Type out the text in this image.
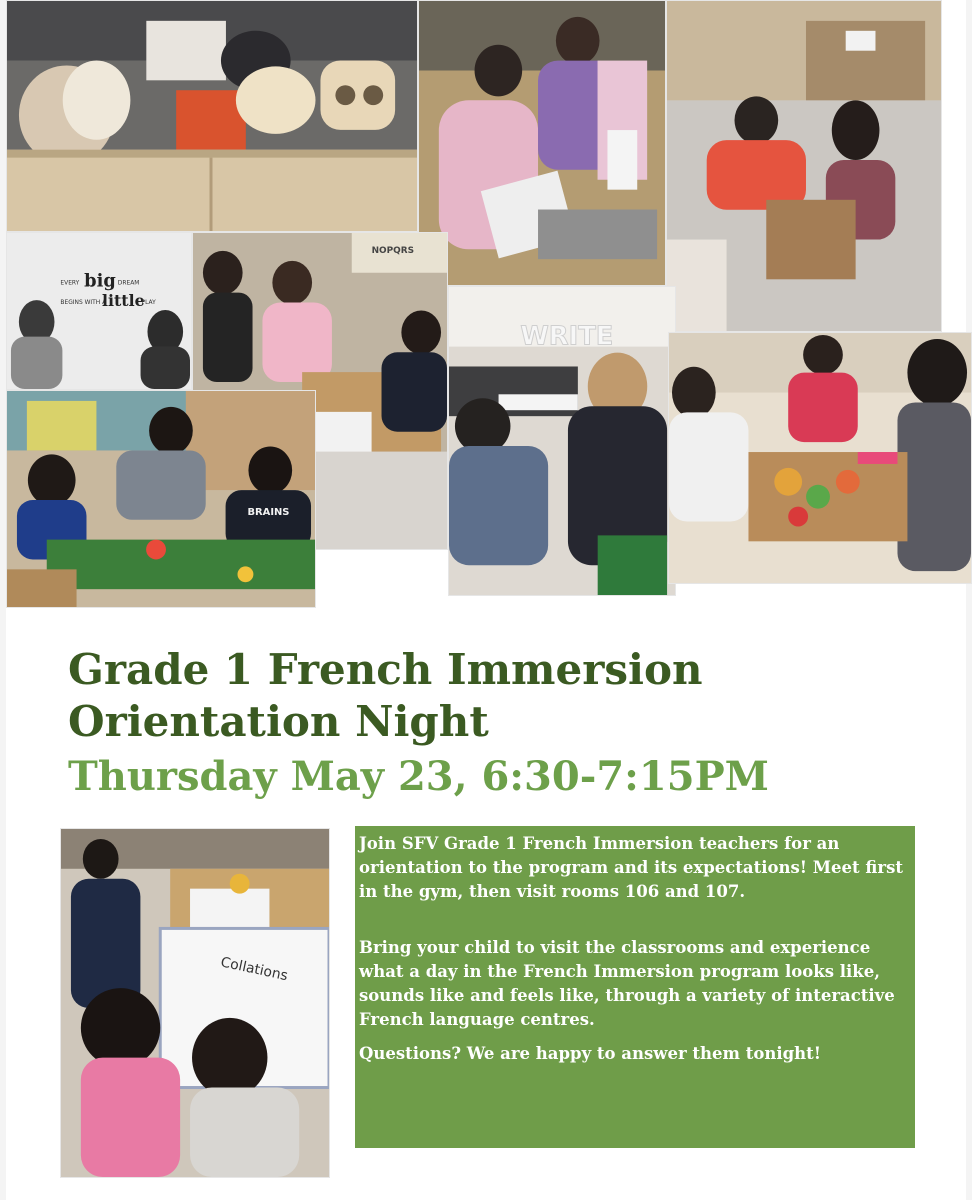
EVERY big DREAM
BEGINS WITH A
little
PLAY
NOPQRS
WRITE
BRAINS
Grade 1 French Immersion
Orientation Night
Thursday May 23, 6:30-7:15PM
Collations

Join SFV Grade 1 French Immersion teachers for an orientation to the program and its expectations! Meet first in the gym, then visit rooms 106 and 107.

Bring your child to visit the classrooms and experience what a day in the French Immersion program looks like, sounds like and feels like, through a variety of interactive French language centres.

Questions? We are happy to answer them tonight!
